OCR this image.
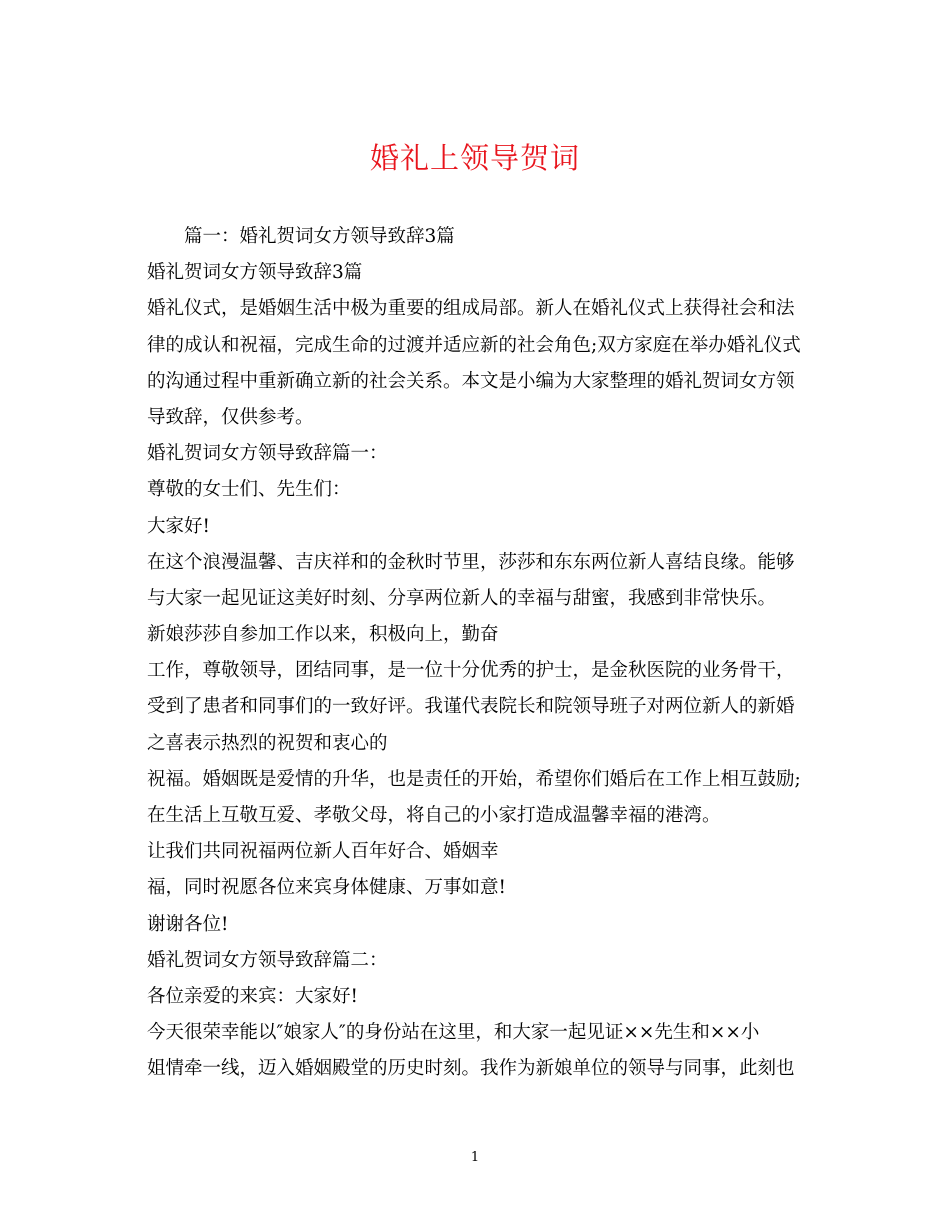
婚礼上领导贺词
篇一：婚礼贺词女方领导致辞3篇
婚礼贺词女方领导致辞3篇
婚礼仪式，是婚姻生活中极为重要的组成局部。新人在婚礼仪式上获得社会和法
律的成认和祝福，完成生命的过渡并适应新的社会角色;双方家庭在举办婚礼仪式
的沟通过程中重新确立新的社会关系。本文是小编为大家整理的婚礼贺词女方领
导致辞，仅供参考。
婚礼贺词女方领导致辞篇一：
尊敬的女士们、先生们：
大家好!
在这个浪漫温馨、吉庆祥和的金秋时节里，莎莎和东东两位新人喜结良缘。能够
与大家一起见证这美好时刻、分享两位新人的幸福与甜蜜，我感到非常快乐。
新娘莎莎自参加工作以来，积极向上，勤奋
工作，尊敬领导，团结同事，是一位十分优秀的护士，是金秋医院的业务骨干，
受到了患者和同事们的一致好评。我谨代表院长和院领导班子对两位新人的新婚
之喜表示热烈的祝贺和衷心的
祝福。婚姻既是爱情的升华，也是责任的开始，希望你们婚后在工作上相互鼓励;
在生活上互敬互爱、孝敬父母，将自己的小家打造成温馨幸福的港湾。
让我们共同祝福两位新人百年好合、婚姻幸
福，同时祝愿各位来宾身体健康、万事如意!
谢谢各位!
婚礼贺词女方领导致辞篇二：
各位亲爱的来宾：大家好!
今天很荣幸能以″娘家人″的身份站在这里，和大家一起见证××先生和××小
姐情牵一线，迈入婚姻殿堂的历史时刻。我作为新娘单位的领导与同事，此刻也
1
